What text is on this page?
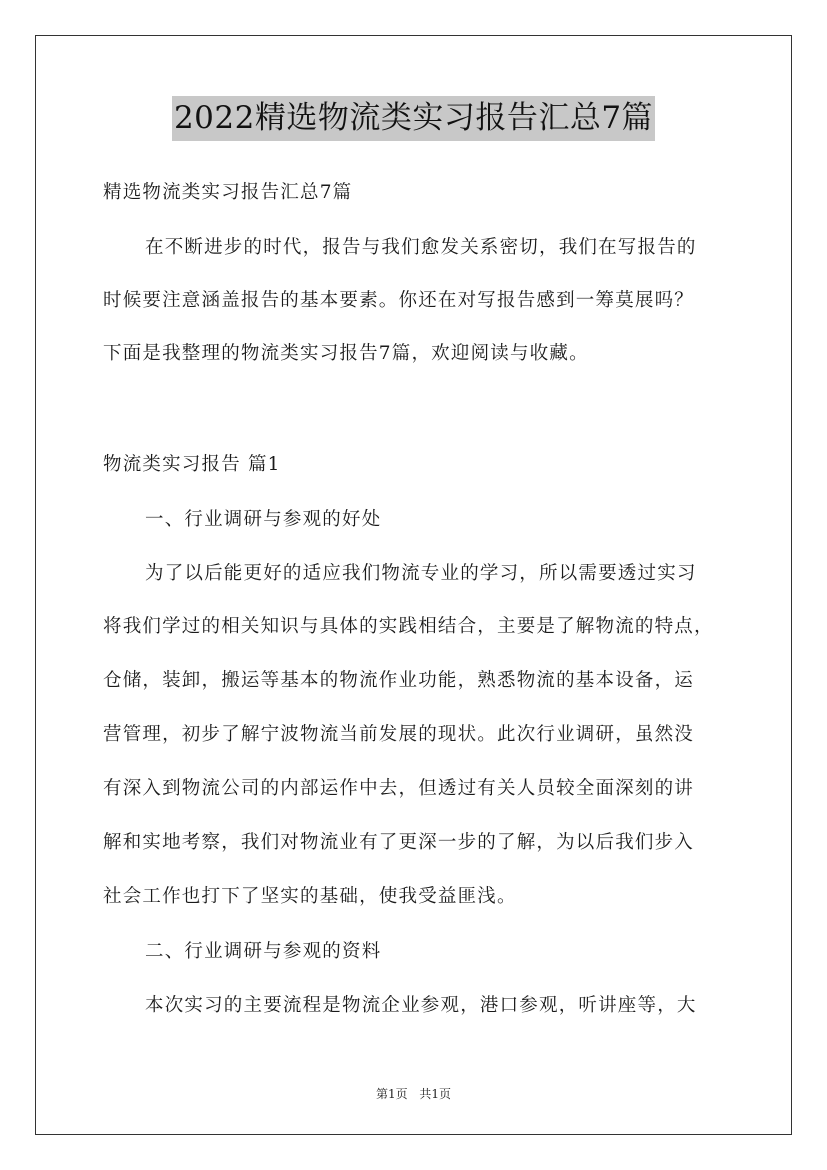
2022精选物流类实习报告汇总7篇
精选物流类实习报告汇总7篇
在不断进步的时代，报告与我们愈发关系密切，我们在写报告的
时候要注意涵盖报告的基本要素。你还在对写报告感到一筹莫展吗？
下面是我整理的物流类实习报告7篇，欢迎阅读与收藏。
物流类实习报告 篇1
一、行业调研与参观的好处
为了以后能更好的适应我们物流专业的学习，所以需要透过实习
将我们学过的相关知识与具体的实践相结合，主要是了解物流的特点，
仓储，装卸，搬运等基本的物流作业功能，熟悉物流的基本设备，运
营管理，初步了解宁波物流当前发展的现状。此次行业调研，虽然没
有深入到物流公司的内部运作中去，但透过有关人员较全面深刻的讲
解和实地考察，我们对物流业有了更深一步的了解，为以后我们步入
社会工作也打下了坚实的基础，使我受益匪浅。
二、行业调研与参观的资料
本次实习的主要流程是物流企业参观，港口参观，听讲座等，大
第1页 共1页
